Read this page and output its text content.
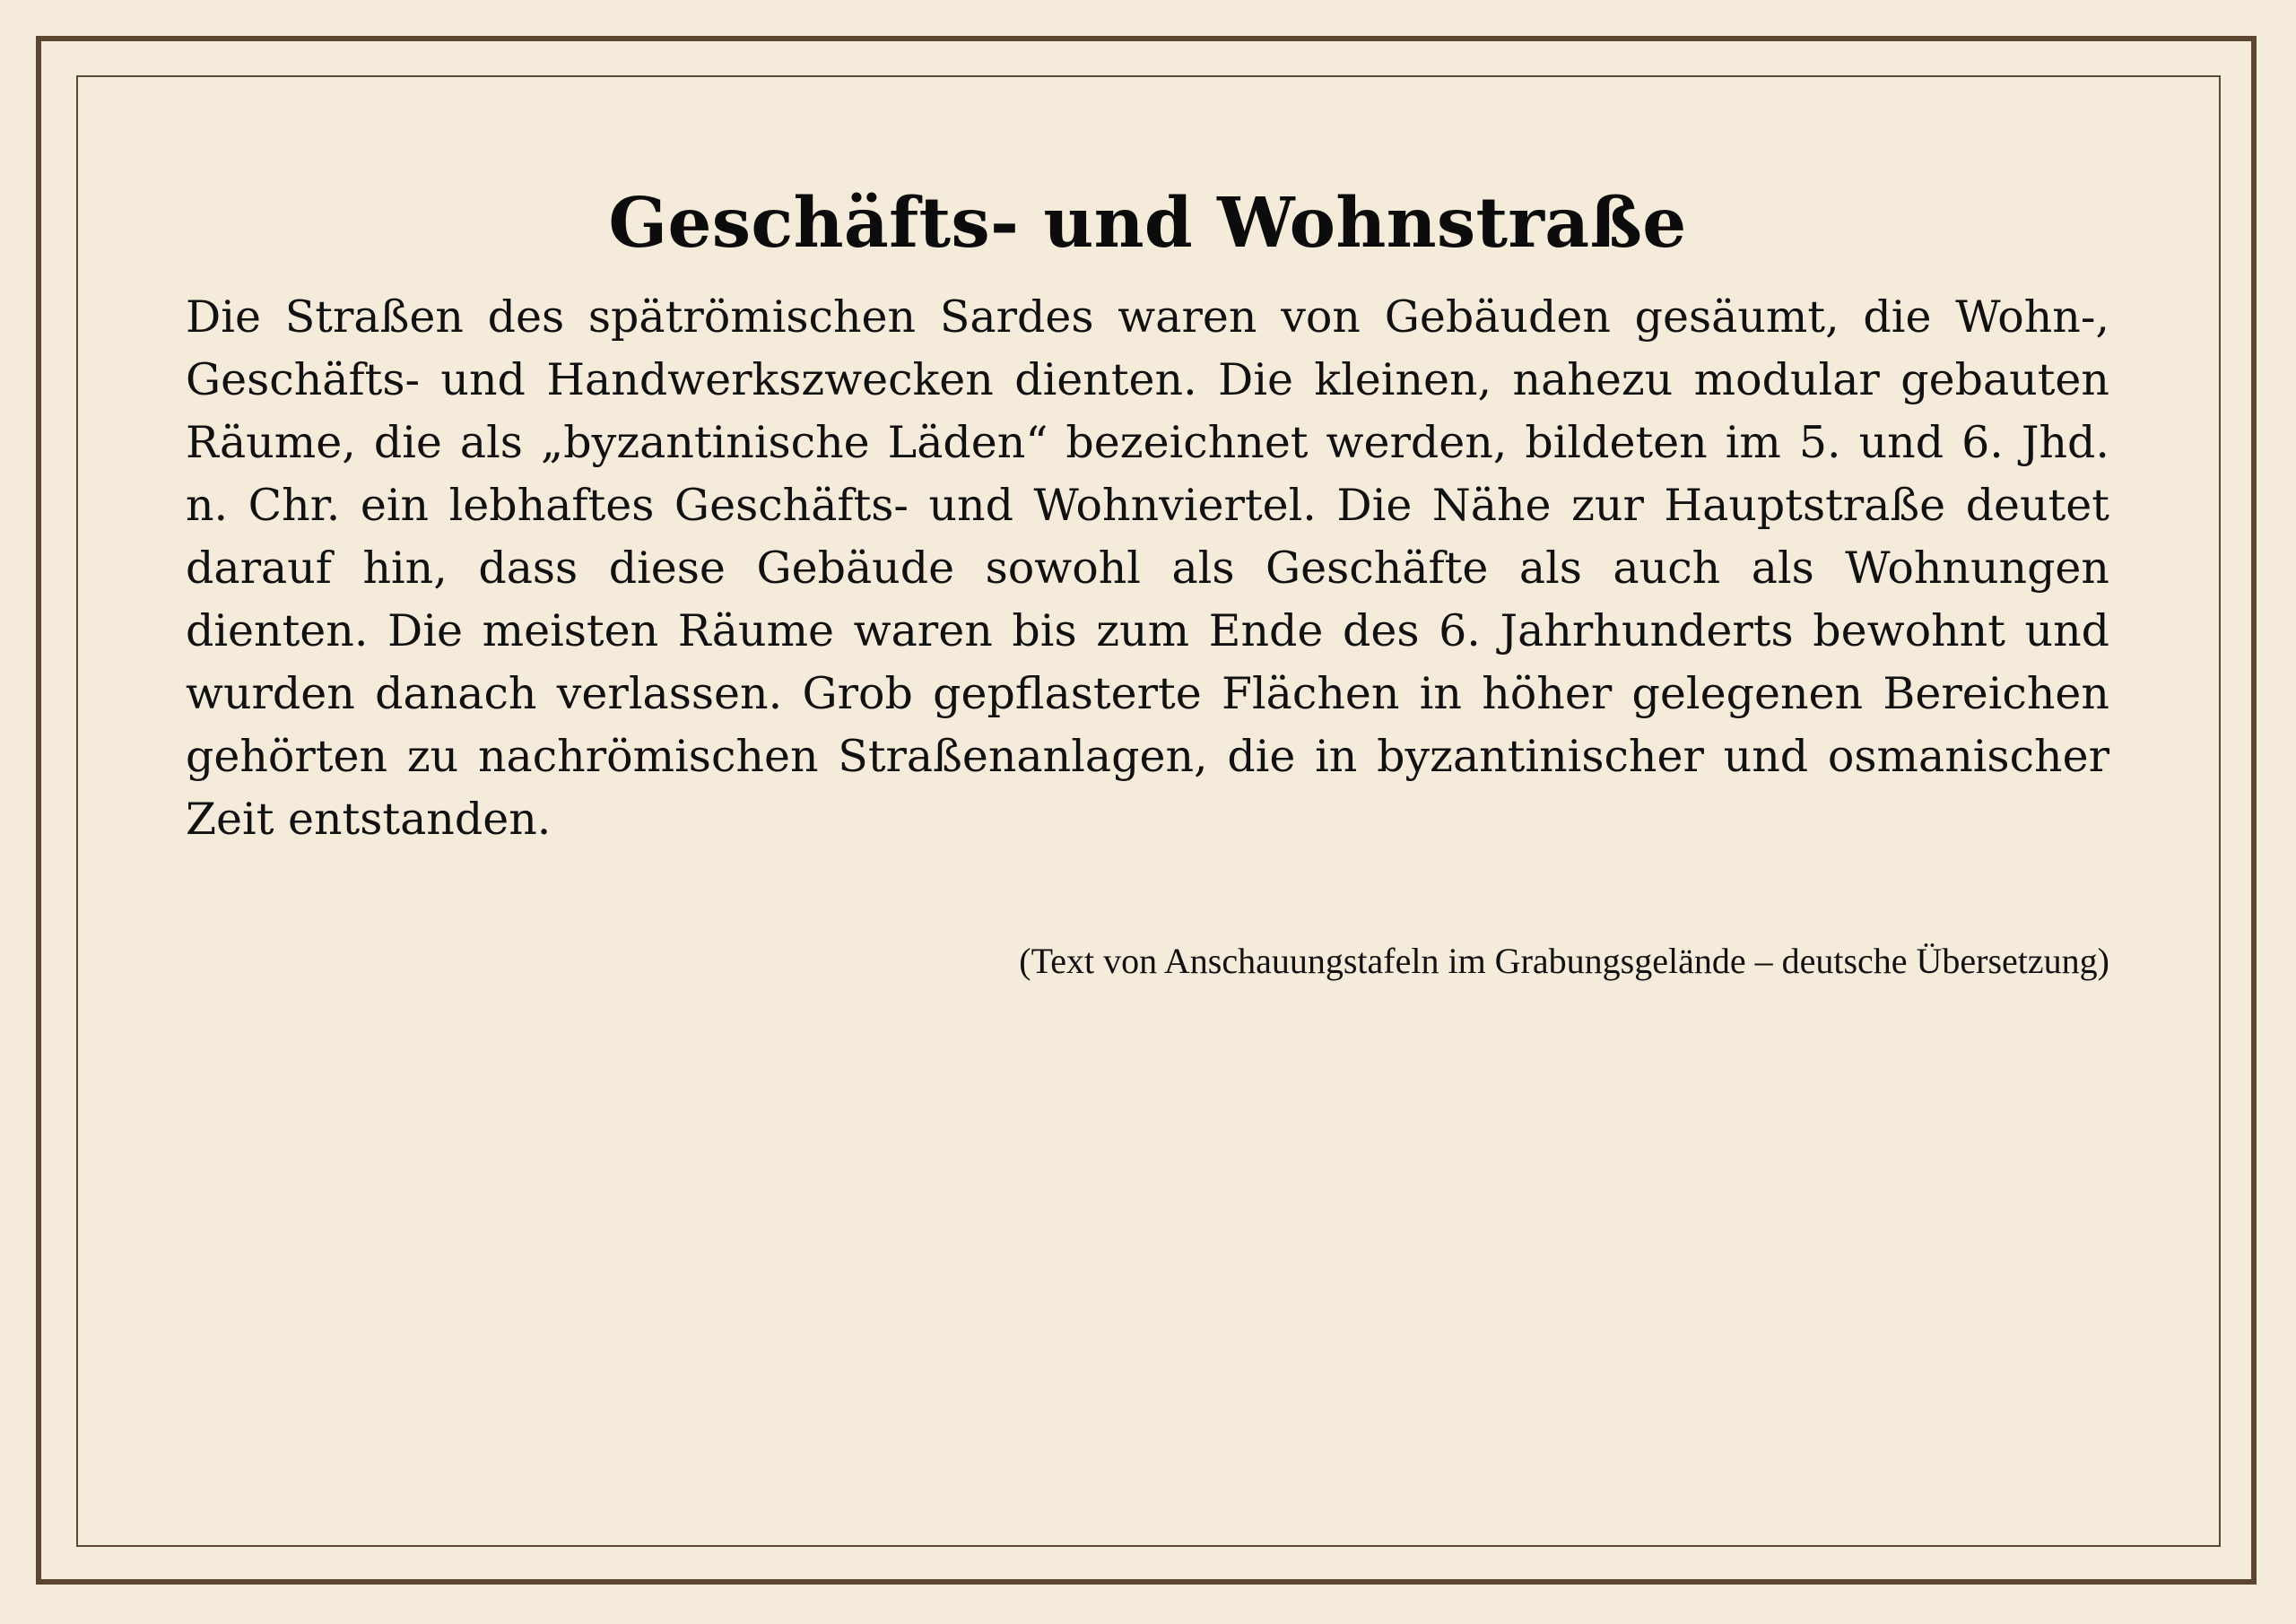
Geschäfts- und Wohnstraße

Die Straßen des spätrömischen Sardes waren von Gebäuden gesäumt, die Wohn-, Geschäfts- und Handwerkszwecken dienten. Die kleinen, nahezu modular gebauten Räume, die als „byzantinische Läden“ bezeichnet werden, bildeten im 5. und 6. Jhd. n. Chr. ein lebhaftes Geschäfts- und Wohnviertel. Die Nähe zur Hauptstraße deutet darauf hin, dass diese Gebäude sowohl als Geschäfte als auch als Wohnungen dienten. Die meisten Räume waren bis zum Ende des 6. Jahrhunderts bewohnt und wurden danach verlassen. Grob gepflasterte Flächen in höher gelegenen Bereichen gehörten zu nachrömischen Straßenanlagen, die in byzantinischer und osmanischer Zeit entstanden.

(Text von Anschauungstafeln im Grabungsgelände – deutsche Übersetzung)
